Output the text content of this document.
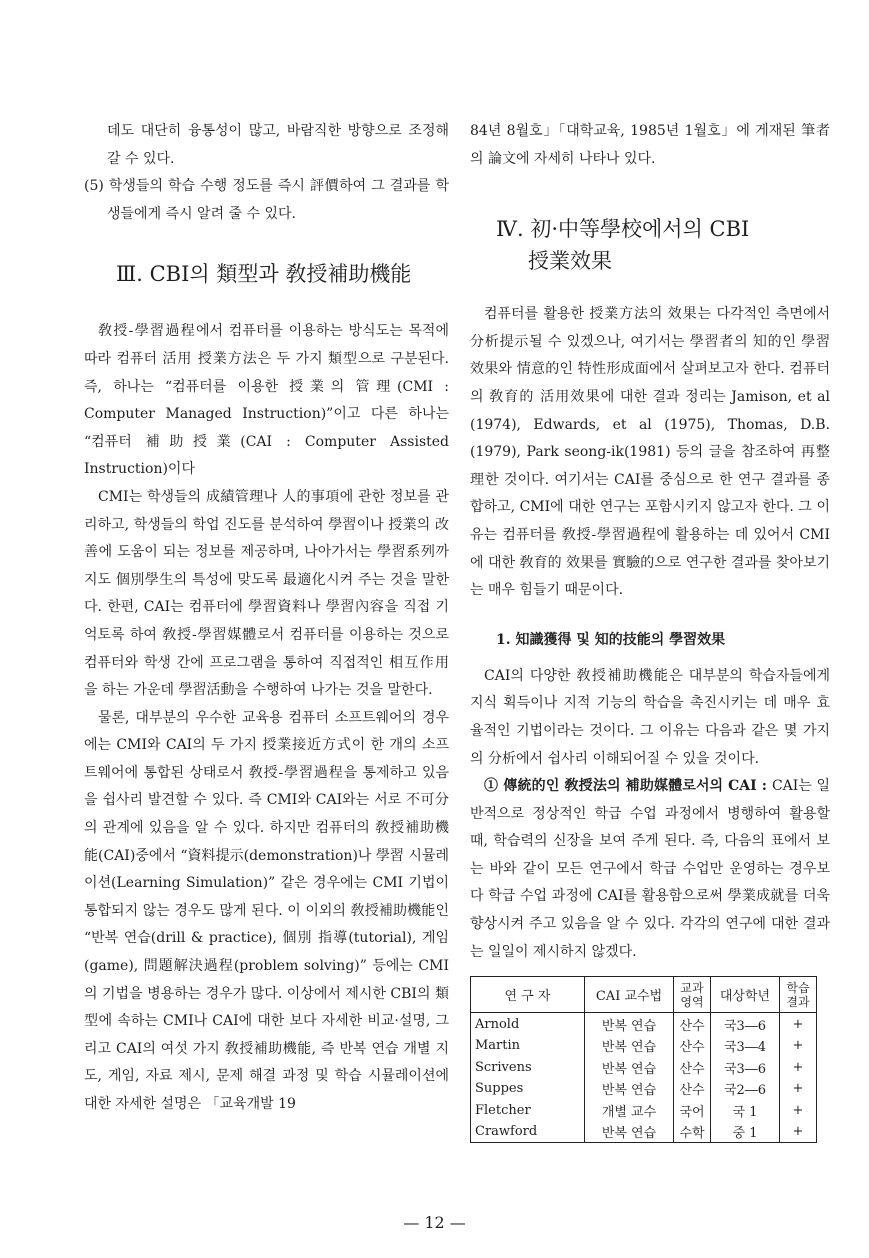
데도 대단히 융통성이 많고, 바람직한 방향으로 조정해 갈 수 있다.

(5) 학생들의 학습 수행 정도를 즉시 評價하여 그 결과를 학생들에게 즉시 알려 줄 수 있다.

Ⅲ. CBI의 類型과 敎授補助機能

敎授-學習過程에서 컴퓨터를 이용하는 방식도는 목적에 따라 컴퓨터 活用 授業方法은 두 가지 類型으로 구분된다. 즉, 하나는 “컴퓨터를 이용한 授業의 管理(CMI : Computer Managed Instruction)”이고 다른 하나는 “컴퓨터 補助授業(CAI : Computer Assisted Instruction)이다

CMI는 학생들의 成績管理나 人的事項에 관한 정보를 관리하고, 학생들의 학업 진도를 분석하여 學習이나 授業의 改善에 도움이 되는 정보를 제공하며, 나아가서는 學習系列까지도 個別學生의 특성에 맞도록 最適化시켜 주는 것을 말한다. 한편, CAI는 컴퓨터에 學習資料나 學習內容을 직접 기억토록 하여 敎授-學習媒體로서 컴퓨터를 이용하는 것으로 컴퓨터와 학생 간에 프로그램을 통하여 직접적인 相互作用을 하는 가운데 學習活動을 수행하여 나가는 것을 말한다.

물론, 대부분의 우수한 교육용 컴퓨터 소프트웨어의 경우에는 CMI와 CAI의 두 가지 授業接近方式이 한 개의 소프트웨어에 통합된 상태로서 敎授-學習過程을 통제하고 있음을 쉽사리 발견할 수 있다. 즉 CMI와 CAI와는 서로 不可分의 관계에 있음을 알 수 있다. 하지만 컴퓨터의 敎授補助機能(CAI)중에서 “資料提示(demonstration)나 學習 시뮬레이션(Learning Simulation)” 같은 경우에는 CMI 기법이 통합되지 않는 경우도 많게 된다. 이 이외의 敎授補助機能인 “반복 연습(drill & practice), 個別 指導(tutorial), 게임(game), 問題解決過程(problem solving)” 등에는 CMI의 기법을 병용하는 경우가 많다. 이상에서 제시한 CBI의 類型에 속하는 CMI나 CAI에 대한 보다 자세한 비교·설명, 그리고 CAI의 여섯 가지 敎授補助機能, 즉 반복 연습 개별 지도, 게임, 자료 제시, 문제 해결 과정 및 학습 시뮬레이션에 대한 자세한 설명은 「교육개발 19

84년 8월호」「대학교육, 1985년 1월호」에 게재된 筆者의 論文에 자세히 나타나 있다.

Ⅳ. 初·中等學校에서의 CBI
授業效果

컴퓨터를 활용한 授業方法의 效果는 다각적인 측면에서 分析提示될 수 있겠으나, 여기서는 學習者의 知的인 學習效果와 情意的인 特性形成面에서 살펴보고자 한다. 컴퓨터의 敎育的 活用效果에 대한 결과 정리는 Jamison, et al (1974), Edwards, et al (1975), Thomas, D.B. (1979), Park seong-ik(1981) 등의 글을 참조하여 再整理한 것이다. 여기서는 CAI를 중심으로 한 연구 결과를 종합하고, CMI에 대한 연구는 포함시키지 않고자 한다. 그 이유는 컴퓨터를 敎授-學習過程에 활용하는 데 있어서 CMI에 대한 敎育的 效果를 實驗的으로 연구한 결과를 찾아보기는 매우 힘들기 때문이다.

1. 知識獲得 및 知的技能의 學習效果

CAI의 다양한 敎授補助機能은 대부분의 학습자들에게 지식 획득이나 지적 기능의 학습을 촉진시키는 데 매우 효율적인 기법이라는 것이다. 그 이유는 다음과 같은 몇 가지의 分析에서 쉽사리 이해되어질 수 있을 것이다.

① 傳統的인 敎授法의 補助媒體로서의 CAI : CAI는 일반적으로 정상적인 학급 수업 과정에서 병행하여 활용할 때, 학습력의 신장을 보여 주게 된다. 즉, 다음의 표에서 보는 바와 같이 모든 연구에서 학급 수업만 운영하는 경우보다 학급 수업 과정에 CAI를 활용함으로써 學業成就를 더욱 향상시켜 주고 있음을 알 수 있다. 각각의 연구에 대한 결과는 일일이 제시하지 않겠다.

연 구 자	CAI 교수법	교과영역	대상학년	학습결과
Arnold	반복 연습	산수	국3―6	+
Martin	반복 연습	산수	국3―4	+
Scrivens	반복 연습	산수	국3―6	+
Suppes	반복 연습	산수	국2―6	+
Fletcher	개별 교수	국어	국 1	+
Crawford	반복 연습	수학	중 1	+
— 12 —
